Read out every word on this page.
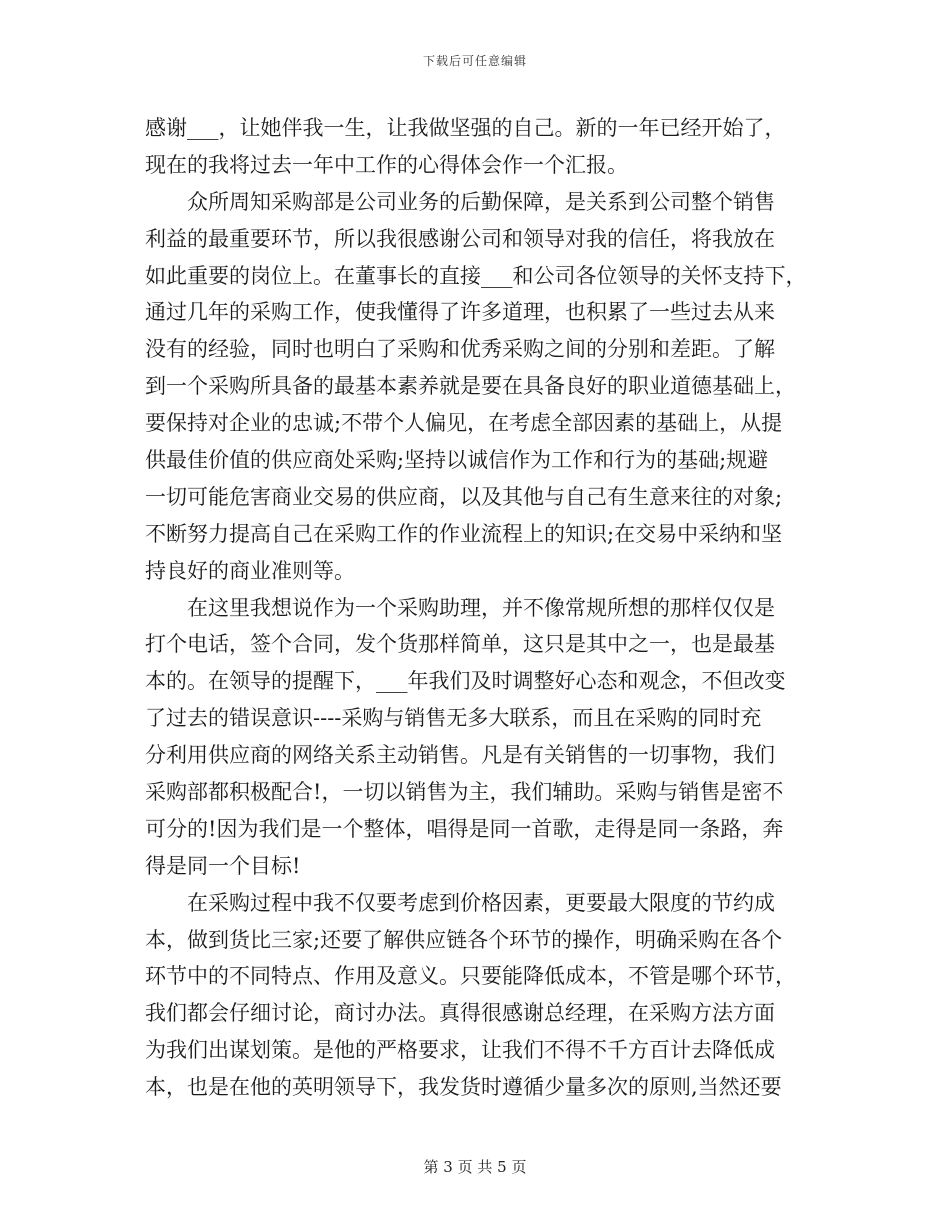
下载后可任意编辑
感谢___，让她伴我一生，让我做坚强的自己。新的一年已经开始了，
现在的我将过去一年中工作的心得体会作一个汇报。
　　众所周知采购部是公司业务的后勤保障，是关系到公司整个销售
利益的最重要环节，所以我很感谢公司和领导对我的信任，将我放在
如此重要的岗位上。在董事长的直接___和公司各位领导的关怀支持下，
通过几年的采购工作，使我懂得了许多道理，也积累了一些过去从来
没有的经验，同时也明白了采购和优秀采购之间的分别和差距。了解
到一个采购所具备的最基本素养就是要在具备良好的职业道德基础上，
要保持对企业的忠诚;不带个人偏见，在考虑全部因素的基础上，从提
供最佳价值的供应商处采购;坚持以诚信作为工作和行为的基础;规避
一切可能危害商业交易的供应商，以及其他与自己有生意来往的对象;
不断努力提高自己在采购工作的作业流程上的知识;在交易中采纳和坚
持良好的商业准则等。
　　在这里我想说作为一个采购助理，并不像常规所想的那样仅仅是
打个电话，签个合同，发个货那样简单，这只是其中之一，也是最基
本的。在领导的提醒下，___年我们及时调整好心态和观念，不但改变
了过去的错误意识----采购与销售无多大联系，而且在采购的同时充
分利用供应商的网络关系主动销售。凡是有关销售的一切事物，我们
采购部都积极配合!，一切以销售为主，我们辅助。采购与销售是密不
可分的!因为我们是一个整体，唱得是同一首歌，走得是同一条路，奔
得是同一个目标!
　　在采购过程中我不仅要考虑到价格因素，更要最大限度的节约成
本，做到货比三家;还要了解供应链各个环节的操作，明确采购在各个
环节中的不同特点、作用及意义。只要能降低成本，不管是哪个环节，
我们都会仔细讨论，商讨办法。真得很感谢总经理，在采购方法方面
为我们出谋划策。是他的严格要求，让我们不得不千方百计去降低成
本，也是在他的英明领导下，我发货时遵循少量多次的原则,当然还要
第 3 页 共 5 页
